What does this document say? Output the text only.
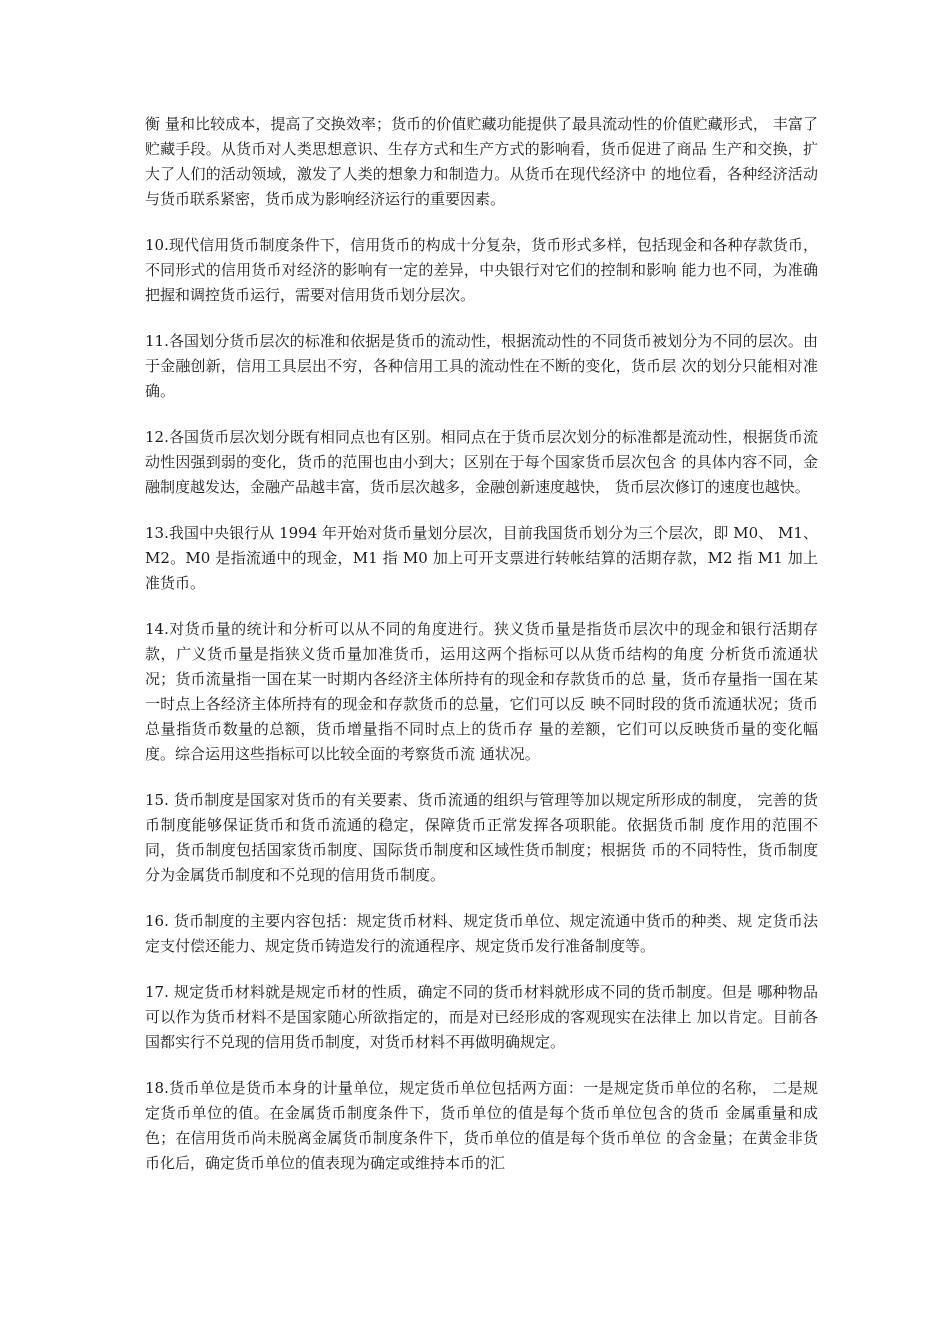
衡 量和比较成本，提高了交换效率；货币的价值贮藏功能提供了最具流动性的价值贮藏形式， 丰富了贮藏手段。从货币对人类思想意识、生存方式和生产方式的影响看，货币促进了商品 生产和交换，扩大了人们的活动领域，激发了人类的想象力和制造力。从货币在现代经济中 的地位看，各种经济活动与货币联系紧密，货币成为影响经济运行的重要因素。

10.现代信用货币制度条件下，信用货币的构成十分复杂，货币形式多样，包括现金和各种存款货币，不同形式的信用货币对经济的影响有一定的差异，中央银行对它们的控制和影响 能力也不同，为准确把握和调控货币运行，需要对信用货币划分层次。

11.各国划分货币层次的标准和依据是货币的流动性，根据流动性的不同货币被划分为不同的层次。由于金融创新，信用工具层出不穷，各种信用工具的流动性在不断的变化，货币层 次的划分只能相对准确。

12.各国货币层次划分既有相同点也有区别。相同点在于货币层次划分的标准都是流动性，根据货币流动性因强到弱的变化，货币的范围也由小到大；区别在于每个国家货币层次包含 的具体内容不同，金融制度越发达，金融产品越丰富，货币层次越多，金融创新速度越快， 货币层次修订的速度也越快。

13.我国中央银行从 1994 年开始对货币量划分层次，目前我国货币划分为三个层次，即 M0、 M1、M2。M0 是指流通中的现金，M1 指 M0 加上可开支票进行转帐结算的活期存款，M2 指 M1 加上准货币。

14.对货币量的统计和分析可以从不同的角度进行。狭义货币量是指货币层次中的现金和银行活期存款，广义货币量是指狭义货币量加准货币，运用这两个指标可以从货币结构的角度 分析货币流通状况；货币流量指一国在某一时期内各经济主体所持有的现金和存款货币的总 量，货币存量指一国在某一时点上各经济主体所持有的现金和存款货币的总量，它们可以反 映不同时段的货币流通状况；货币总量指货币数量的总额，货币增量指不同时点上的货币存 量的差额，它们可以反映货币量的变化幅度。综合运用这些指标可以比较全面的考察货币流 通状况。

15. 货币制度是国家对货币的有关要素、货币流通的组织与管理等加以规定所形成的制度， 完善的货币制度能够保证货币和货币流通的稳定，保障货币正常发挥各项职能。依据货币制 度作用的范围不同，货币制度包括国家货币制度、国际货币制度和区域性货币制度；根据货 币的不同特性，货币制度分为金属货币制度和不兑现的信用货币制度。

16. 货币制度的主要内容包括：规定货币材料、规定货币单位、规定流通中货币的种类、规 定货币法定支付偿还能力、规定货币铸造发行的流通程序、规定货币发行准备制度等。

17. 规定货币材料就是规定币材的性质，确定不同的货币材料就形成不同的货币制度。但是 哪种物品可以作为货币材料不是国家随心所欲指定的，而是对已经形成的客观现实在法律上 加以肯定。目前各国都实行不兑现的信用货币制度，对货币材料不再做明确规定。

18.货币单位是货币本身的计量单位，规定货币单位包括两方面：一是规定货币单位的名称， 二是规定货币单位的值。在金属货币制度条件下，货币单位的值是每个货币单位包含的货币 金属重量和成色；在信用货币尚未脱离金属货币制度条件下，货币单位的值是每个货币单位 的含金量；在黄金非货币化后，确定货币单位的值表现为确定或维持本币的汇
